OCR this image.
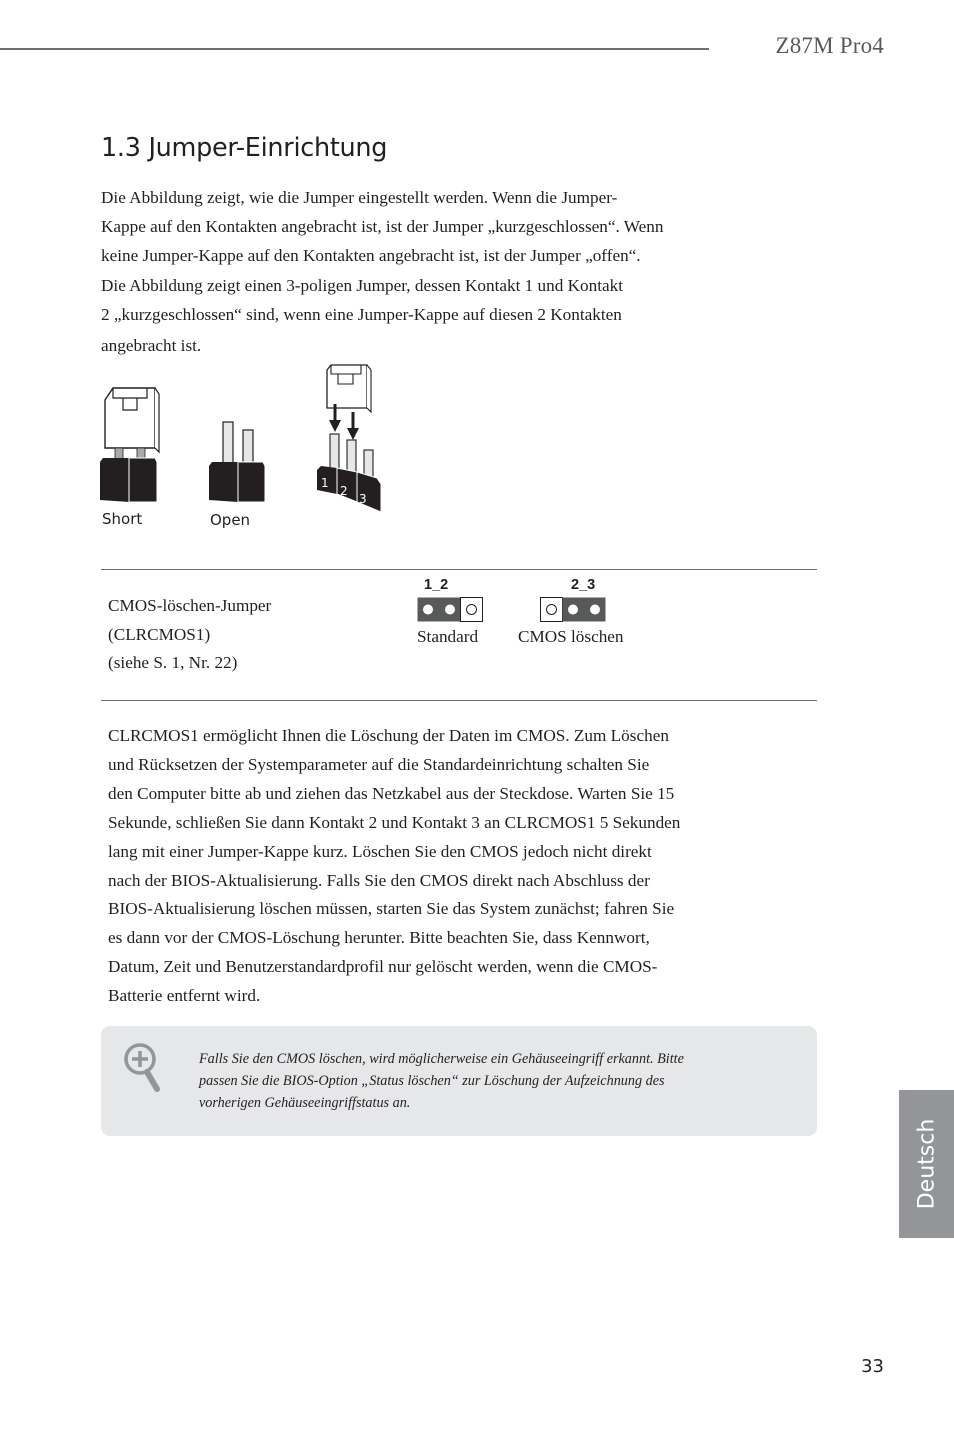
Z87M Pro4
1.3 Jumper-Einrichtung

Die Abbildung zeigt, wie die Jumper eingestellt werden. Wenn die Jumper-

Kappe auf den Kontakten angebracht ist, ist der Jumper „kurzgeschlossen“. Wenn

keine Jumper-Kappe auf den Kontakten angebracht ist, ist der Jumper „offen“.

Die Abbildung zeigt einen 3-poligen Jumper, dessen Kontakt 1 und Kontakt

2 „kurzgeschlossen“ sind, wenn eine Jumper-Kappe auf diesen 2 Kontakten

angebracht ist.

1
2
3
Short	Open
CMOS-löschen-Jumper
(CLRCMOS1)
(siehe S. 1, Nr. 22)
1_2
Standard
2_3
CMOS löschen

CLRCMOS1 ermöglicht Ihnen die Löschung der Daten im CMOS. Zum Löschen

und Rücksetzen der Systemparameter auf die Standardeinrichtung schalten Sie

den Computer bitte ab und ziehen das Netzkabel aus der Steckdose. Warten Sie 15

Sekunde, schließen Sie dann Kontakt 2 und Kontakt 3 an CLRCMOS1 5 Sekunden

lang mit einer Jumper-Kappe kurz. Löschen Sie den CMOS jedoch nicht direkt

nach der BIOS-Aktualisierung. Falls Sie den CMOS direkt nach Abschluss der

BIOS-Aktualisierung löschen müssen, starten Sie das System zunächst; fahren Sie

es dann vor der CMOS-Löschung herunter. Bitte beachten Sie, dass Kennwort,

Datum, Zeit und Benutzerstandardprofil nur gelöscht werden, wenn die CMOS-

Batterie entfernt wird.

Falls Sie den CMOS löschen, wird möglicherweise ein Gehäuseeingriff erkannt. Bitte

passen Sie die BIOS-Option „Status löschen“ zur Löschung der Aufzeichnung des

vorherigen Gehäuseeingriffstatus an.

Deutsch
33
